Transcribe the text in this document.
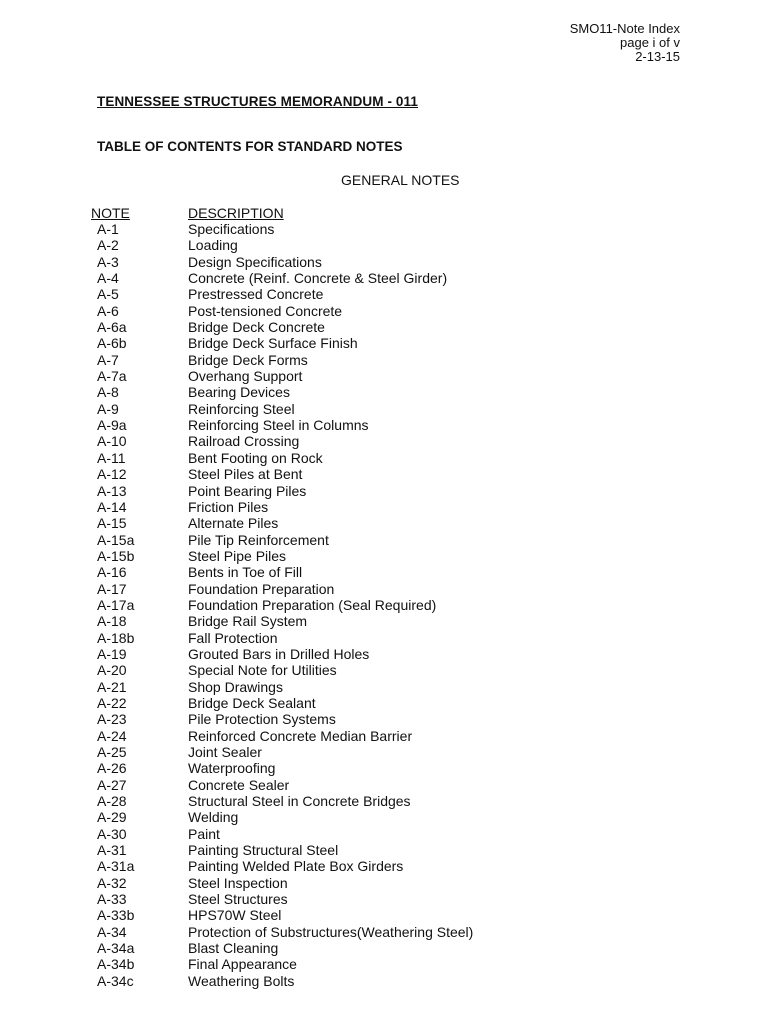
SMO11-Note Index
page i of v
2-13-15
TENNESSEE STRUCTURES MEMORANDUM - 011
TABLE OF CONTENTS FOR STANDARD NOTES
GENERAL NOTES
NOTE	DESCRIPTION
A-1	Specifications
A-2	Loading
A-3	Design Specifications
A-4	Concrete (Reinf. Concrete & Steel Girder)
A-5	Prestressed Concrete
A-6	Post-tensioned Concrete
A-6a	Bridge Deck Concrete
A-6b	Bridge Deck Surface Finish
A-7	Bridge Deck Forms
A-7a	Overhang Support
A-8	Bearing Devices
A-9	Reinforcing Steel
A-9a	Reinforcing Steel in Columns
A-10	Railroad Crossing
A-11	Bent Footing on Rock
A-12	Steel Piles at Bent
A-13	Point Bearing Piles
A-14	Friction Piles
A-15	Alternate Piles
A-15a	Pile Tip Reinforcement
A-15b	Steel Pipe Piles
A-16	Bents in Toe of Fill
A-17	Foundation Preparation
A-17a	Foundation Preparation (Seal Required)
A-18	Bridge Rail System
A-18b	Fall Protection
A-19	Grouted Bars in Drilled Holes
A-20	Special Note for Utilities
A-21	Shop Drawings
A-22	Bridge Deck Sealant
A-23	Pile Protection Systems
A-24	Reinforced Concrete Median Barrier
A-25	Joint Sealer
A-26	Waterproofing
A-27	Concrete Sealer
A-28	Structural Steel in Concrete Bridges
A-29	Welding
A-30	Paint
A-31	Painting Structural Steel
A-31a	Painting Welded Plate Box Girders
A-32	Steel Inspection
A-33	Steel Structures
A-33b	HPS70W Steel
A-34	Protection of Substructures(Weathering Steel)
A-34a	Blast Cleaning
A-34b	Final Appearance
A-34c	Weathering Bolts
